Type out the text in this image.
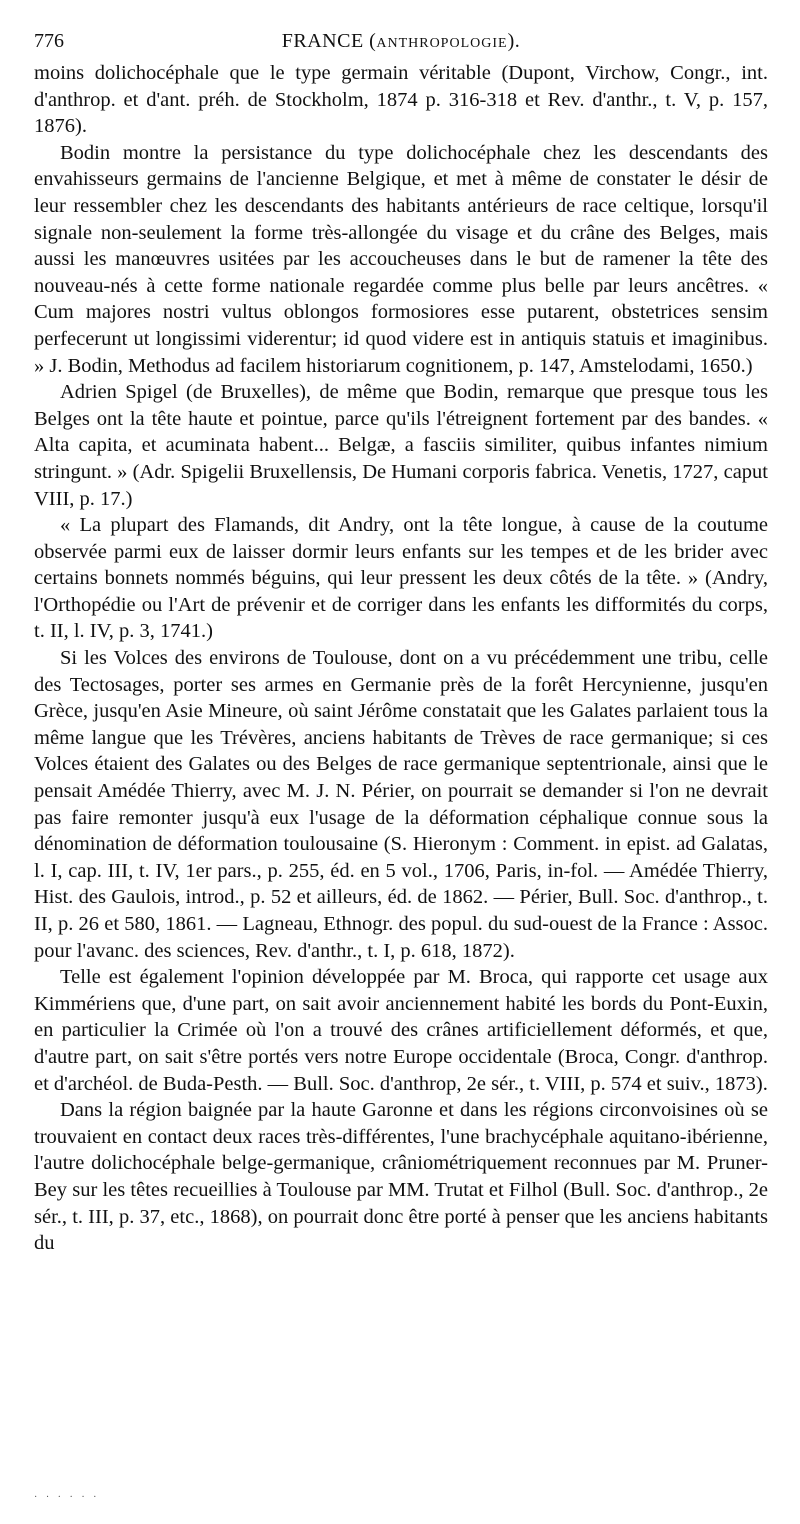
776	FRANCE (ANTHROPOLOGIE).

moins dolichocéphale que le type germain véritable (Dupont, Virchow, Congr., int. d'anthrop. et d'ant. préh. de Stockholm, 1874 p. 316-318 et Rev. d'anthr., t. V, p. 157, 1876).

Bodin montre la persistance du type dolichocéphale chez les descendants des envahisseurs germains de l'ancienne Belgique, et met à même de constater le désir de leur ressembler chez les descendants des habitants antérieurs de race celtique, lorsqu'il signale non-seulement la forme très-allongée du visage et du crâne des Belges, mais aussi les manœuvres usitées par les accoucheuses dans le but de ramener la tête des nouveau-nés à cette forme nationale regardée comme plus belle par leurs ancêtres. « Cum majores nostri vultus oblongos formosiores esse putarent, obstetrices sensim perfecerunt ut longissimi viderentur; id quod videre est in antiquis statuis et imaginibus. » J. Bodin, Methodus ad facilem historiarum cognitionem, p. 147, Amstelodami, 1650.)

Adrien Spigel (de Bruxelles), de même que Bodin, remarque que presque tous les Belges ont la tête haute et pointue, parce qu'ils l'étreignent fortement par des bandes. « Alta capita, et acuminata habent... Belgæ, a fasciis similiter, quibus infantes nimium stringunt. » (Adr. Spigelii Bruxellensis, De Humani corporis fabrica. Venetis, 1727, caput VIII, p. 17.)

« La plupart des Flamands, dit Andry, ont la tête longue, à cause de la coutume observée parmi eux de laisser dormir leurs enfants sur les tempes et de les brider avec certains bonnets nommés béguins, qui leur pressent les deux côtés de la tête. » (Andry, l'Orthopédie ou l'Art de prévenir et de corriger dans les enfants les difformités du corps, t. II, l. IV, p. 3, 1741.)

Si les Volces des environs de Toulouse, dont on a vu précédemment une tribu, celle des Tectosages, porter ses armes en Germanie près de la forêt Hercynienne, jusqu'en Grèce, jusqu'en Asie Mineure, où saint Jérôme constatait que les Galates parlaient tous la même langue que les Trévères, anciens habitants de Trèves de race germanique; si ces Volces étaient des Galates ou des Belges de race germanique septentrionale, ainsi que le pensait Amédée Thierry, avec M. J. N. Périer, on pourrait se demander si l'on ne devrait pas faire remonter jusqu'à eux l'usage de la déformation céphalique connue sous la dénomination de déformation toulousaine (S. Hieronym : Comment. in epist. ad Galatas, l. I, cap. III, t. IV, 1er pars., p. 255, éd. en 5 vol., 1706, Paris, in-fol. — Amédée Thierry, Hist. des Gaulois, introd., p. 52 et ailleurs, éd. de 1862. — Périer, Bull. Soc. d'anthrop., t. II, p. 26 et 580, 1861. — Lagneau, Ethnogr. des popul. du sud-ouest de la France : Assoc. pour l'avanc. des sciences, Rev. d'anthr., t. I, p. 618, 1872).

Telle est également l'opinion développée par M. Broca, qui rapporte cet usage aux Kimmériens que, d'une part, on sait avoir anciennement habité les bords du Pont-Euxin, en particulier la Crimée où l'on a trouvé des crânes artificiellement déformés, et que, d'autre part, on sait s'être portés vers notre Europe occidentale (Broca, Congr. d'anthrop. et d'archéol. de Buda-Pesth. — Bull. Soc. d'anthrop, 2e sér., t. VIII, p. 574 et suiv., 1873).

Dans la région baignée par la haute Garonne et dans les régions circonvoisines où se trouvaient en contact deux races très-différentes, l'une brachycéphale aquitano-ibérienne, l'autre dolichocéphale belge-germanique, crâniométriquement reconnues par M. Pruner-Bey sur les têtes recueillies à Toulouse par MM. Trutat et Filhol (Bull. Soc. d'anthrop., 2e sér., t. III, p. 37, etc., 1868), on pourrait donc être porté à penser que les anciens habitants du

· · · · · ·
